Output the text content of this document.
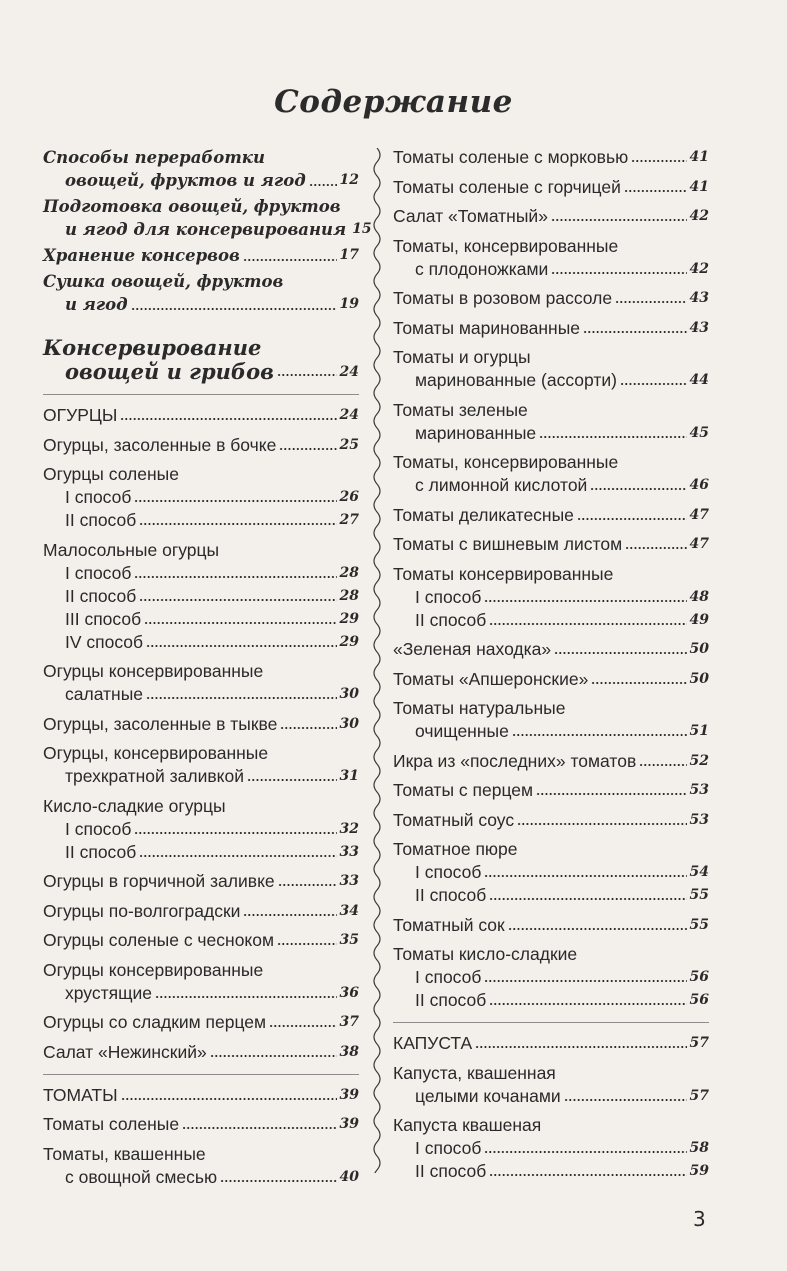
Содержание
Способы переработки
овощей, фруктов и ягод 12
Подготовка овощей, фруктов
и ягод для консервирования 15
Хранение консервов	17
Сушка овощей, фруктов
и ягод	19
Консервирование
овощей и грибов	24
ОГУРЦЫ	24
Огурцы, засоленные в бочке	25
Огурцы соленые
I способ	26
II способ	27
Малосольные огурцы
I способ	28
II способ	28
III способ	29
IV способ	29
Огурцы консервированные
салатные	30
Огурцы, засоленные в тыкве	30
Огурцы, консервированные
трехкратной заливкой	31
Кисло-сладкие огурцы
I способ	32
II способ	33
Огурцы в горчичной заливке	33
Огурцы по-волгоградски	34
Огурцы соленые с чесноком	35
Огурцы консервированные
хрустящие	36
Огурцы со сладким перцем	37
Салат «Нежинский»	38
ТОМАТЫ	39
Томаты соленые	39
Томаты, квашенные
с овощной смесью	40
Томаты соленые с морковью	41
Томаты соленые с горчицей	41
Салат «Томатный»	42
Томаты, консервированные
с плодоножками	42
Томаты в розовом рассоле	43
Томаты маринованные	43
Томаты и огурцы
маринованные (ассорти)	44
Томаты зеленые
маринованные	45
Томаты, консервированные
с лимонной кислотой	46
Томаты деликатесные	47
Томаты с вишневым листом	47
Томаты консервированные
I способ	48
II способ	49
«Зеленая находка»	50
Томаты «Апшеронские»	50
Томаты натуральные
очищенные	51
Икра из «последних» томатов	52
Томаты с перцем	53
Томатный соус	53
Томатное пюре
I способ	54
II способ	55
Томатный сок	55
Томаты кисло-сладкие
I способ	56
II способ	56
КАПУСТА	57
Капуста, квашенная
целыми кочанами	57
Капуста квашеная
I способ	58
II способ	59
3
